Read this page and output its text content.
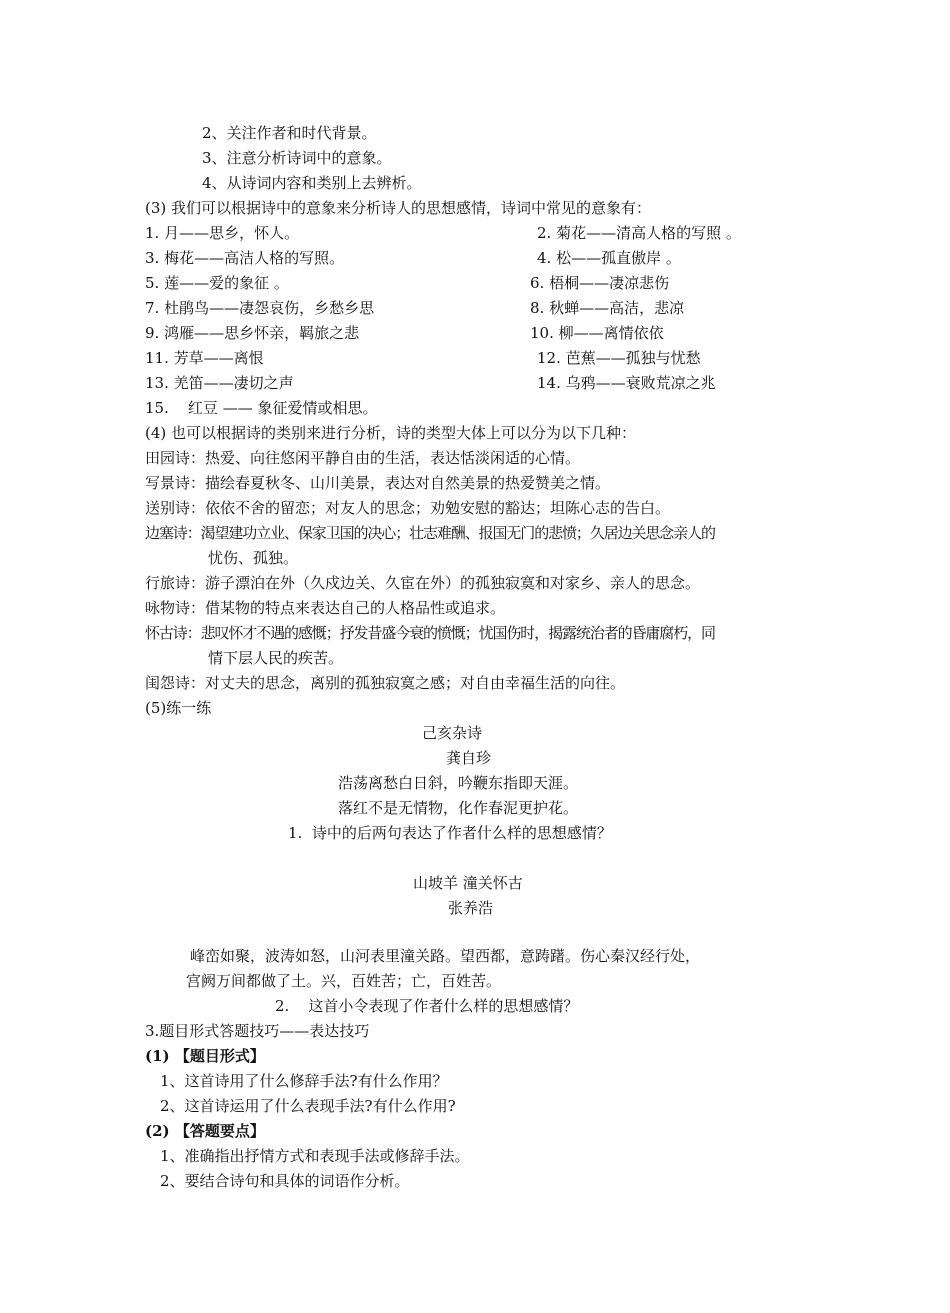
2、关注作者和时代背景。
3、注意分析诗词中的意象。
4、从诗词内容和类别上去辨析。
(3) 我们可以根据诗中的意象来分析诗人的思想感情，诗词中常见的意象有：
1. 月——思乡，怀人。	2. 菊花——清高人格的写照 。
3. 梅花——高洁人格的写照。	4. 松——孤直傲岸 。
5. 莲——爱的象征 。	6. 梧桐——凄凉悲伤
7. 杜鹃鸟——凄怨哀伤，乡愁乡思	8. 秋蝉——高洁，悲凉
9. 鸿雁——思乡怀亲，羁旅之悲	10. 柳——离情依依
11. 芳草——离恨	12. 芭蕉——孤独与忧愁
13. 羌笛——凄切之声	14. 乌鸦——衰败荒凉之兆
15.    红豆 —— 象征爱情或相思。
(4) 也可以根据诗的类别来进行分析，诗的类型大体上可以分为以下几种：
田园诗：热爱、向往悠闲平静自由的生活，表达恬淡闲适的心情。
写景诗：描绘春夏秋冬、山川美景，表达对自然美景的热爱赞美之情。
送别诗：依依不舍的留恋；对友人的思念；劝勉安慰的豁达；坦陈心志的告白。
边塞诗：渴望建功立业、保家卫国的决心；壮志难酬、报国无门的悲愤；久居边关思念亲人的
忧伤、孤独。
行旅诗：游子漂泊在外（久戍边关、久宦在外）的孤独寂寞和对家乡、亲人的思念。
咏物诗：借某物的特点来表达自己的人格品性或追求。
怀古诗：悲叹怀才不遇的感慨；抒发昔盛今衰的愤慨；忧国伤时，揭露统治者的昏庸腐朽，同
情下层人民的疾苦。
闺怨诗：对丈夫的思念，离别的孤独寂寞之感；对自由幸福生活的向往。
(5)练一练
己亥杂诗
龚自珍
浩荡离愁白日斜，吟鞭东指即天涯。
落红不是无情物，化作春泥更护花。
1.  诗中的后两句表达了作者什么样的思想感情？
山坡羊 潼关怀古
张养浩
峰峦如聚，波涛如怒，山河表里潼关路。望西都，意踌躇。伤心秦汉经行处，
宫阙万间都做了土。兴，百姓苦；亡，百姓苦。
2.    这首小令表现了作者什么样的思想感情？
3.题目形式答题技巧——表达技巧
(1) 【题目形式】
1、这首诗用了什么修辞手法?有什么作用？
2、这首诗运用了什么表现手法?有什么作用?
(2) 【答题要点】
1、准确指出抒情方式和表现手法或修辞手法。
2、要结合诗句和具体的词语作分析。
